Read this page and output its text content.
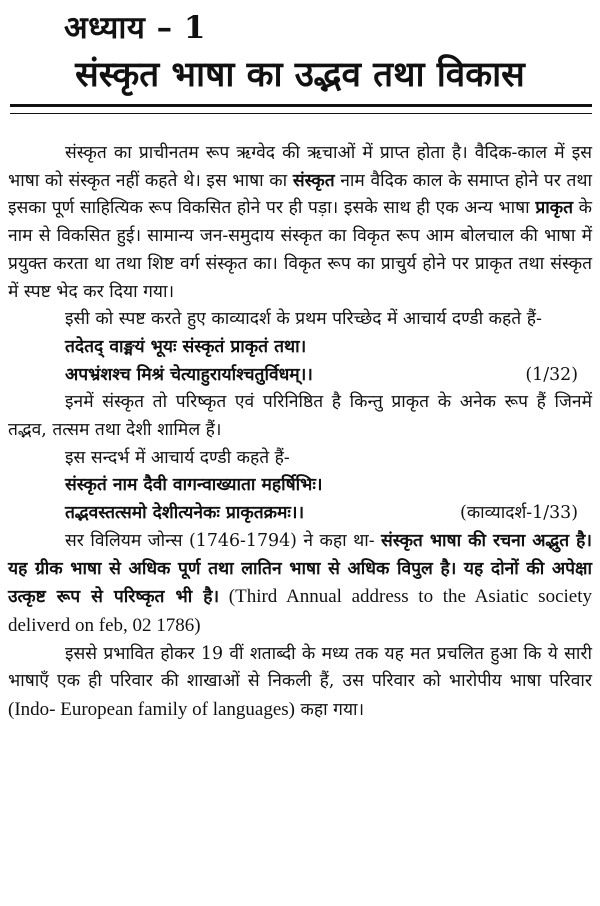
अध्याय – 1
संस्कृत भाषा का उद्भव तथा विकास

संस्कृत का प्राचीनतम रूप ऋग्वेद की ऋचाओं में प्राप्त होता है। वैदिक-काल में इस भाषा को संस्कृत नहीं कहते थे। इस भाषा का संस्कृत नाम वैदिक काल के समाप्त होने पर तथा इसका पूर्ण साहित्यिक रूप विकसित होने पर ही पड़ा। इसके साथ ही एक अन्य भाषा प्राकृत के नाम से विकसित हुई। सामान्य जन-समुदाय संस्कृत का विकृत रूप आम बोलचाल की भाषा में प्रयुक्त करता था तथा शिष्ट वर्ग संस्कृत का। विकृत रूप का प्राचुर्य होने पर प्राकृत तथा संस्कृत में स्पष्ट भेद कर दिया गया।

इसी को स्पष्ट करते हुए काव्यादर्श के प्रथम परिच्छेद में आचार्य दण्डी कहते हैं-

तदेतद् वाङ्मयं भूयः संस्कृतं प्राकृतं तथा।

अपभ्रंशश्च मिश्रं चेत्याहुरार्याश्चतुर्विधम्।।	(1/32)

इनमें संस्कृत तो परिष्कृत एवं परिनिष्ठित है किन्तु प्राकृत के अनेक रूप हैं जिनमें तद्भव, तत्सम तथा देशी शामिल हैं।

इस सन्दर्भ में आचार्य दण्डी कहते हैं-

संस्कृतं नाम दैवी वागन्वाख्याता महर्षिभिः।

तद्भवस्तत्समो देशीत्यनेकः प्राकृतक्रमः।।	(काव्यादर्श-1/33)

सर विलियम जोन्स (1746-1794) ने कहा था- संस्कृत भाषा की रचना अद्भुत है। यह ग्रीक भाषा से अधिक पूर्ण तथा लातिन भाषा से अधिक विपुल है। यह दोनों की अपेक्षा उत्कृष्ट रूप से परिष्कृत भी है। (Third Annual address to the Asiatic society deliverd on feb, 02 1786)

इससे प्रभावित होकर 19 वीं शताब्दी के मध्य तक यह मत प्रचलित हुआ कि ये सारी भाषाएँ एक ही परिवार की शाखाओं से निकली हैं, उस परिवार को भारोपीय भाषा परिवार (Indo- European family of languages) कहा गया।
